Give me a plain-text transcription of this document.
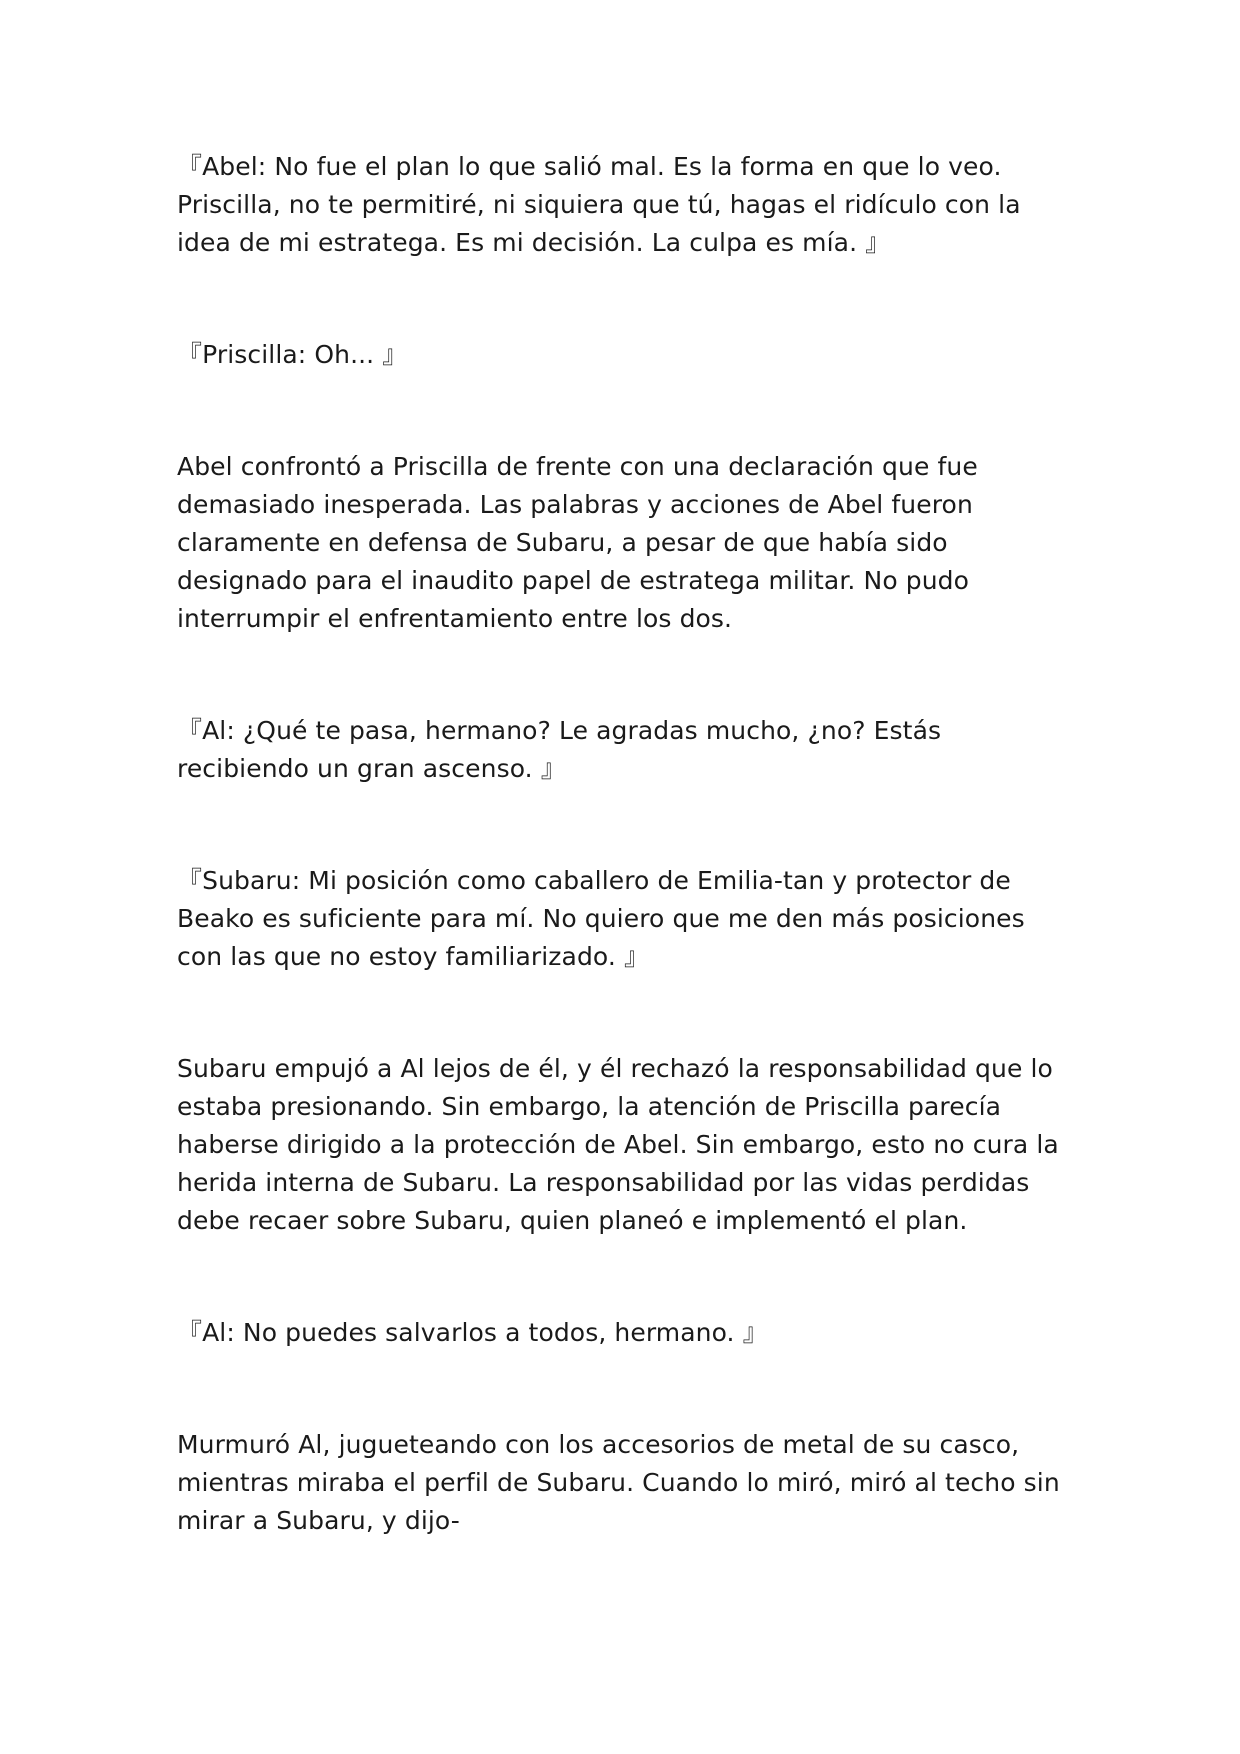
『Abel: No fue el plan lo que salió mal. Es la forma en que lo veo. Priscilla, no te permitiré, ni siquiera que tú, hagas el ridículo con la idea de mi estratega. Es mi decisión. La culpa es mía. 』

『Priscilla: Oh... 』

Abel confrontó a Priscilla de frente con una declaración que fue demasiado inesperada. Las palabras y acciones de Abel fueron claramente en defensa de Subaru, a pesar de que había sido designado para el inaudito papel de estratega militar. No pudo interrumpir el enfrentamiento entre los dos.

『Al: ¿Qué te pasa, hermano? Le agradas mucho, ¿no? Estás recibiendo un gran ascenso. 』

『Subaru: Mi posición como caballero de Emilia-tan y protector de Beako es suficiente para mí. No quiero que me den más posiciones con las que no estoy familiarizado. 』

Subaru empujó a Al lejos de él, y él rechazó la responsabilidad que lo estaba presionando. Sin embargo, la atención de Priscilla parecía haberse dirigido a la protección de Abel. Sin embargo, esto no cura la herida interna de Subaru. La responsabilidad por las vidas perdidas debe recaer sobre Subaru, quien planeó e implementó el plan.

『Al: No puedes salvarlos a todos, hermano. 』

Murmuró Al, jugueteando con los accesorios de metal de su casco, mientras miraba el perfil de Subaru. Cuando lo miró, miró al techo sin mirar a Subaru, y dijo-
